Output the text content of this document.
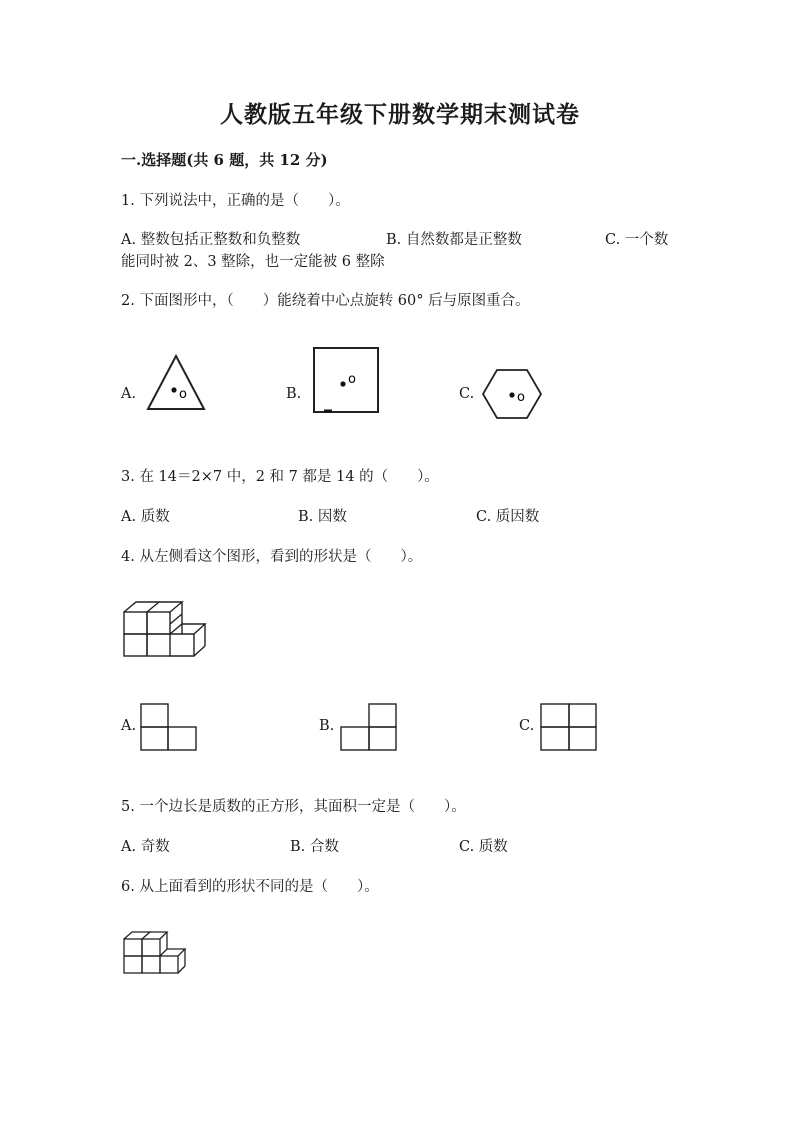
人教版五年级下册数学期末测试卷
一.选择题(共 6 题，共 12 分)
1. 下列说法中，正确的是（　　）。
A. 整数包括正整数和负整数	B. 自然数都是正整数	C. 一个数
能同时被 2、3 整除，也一定能被 6 整除
2. 下面图形中，（　　）能绕着中心点旋转 60° 后与原图重合。
A.	B.	C.
o
o
o
3. 在 14＝2×7 中，2 和 7 都是 14 的（　　）。
A. 质数	B. 因数	C. 质因数
4. 从左侧看这个图形，看到的形状是（　　）。
A.	B.	C.
5. 一个边长是质数的正方形，其面积一定是（　　）。
A. 奇数	B. 合数	C. 质数
6. 从上面看到的形状不同的是（　　）。
